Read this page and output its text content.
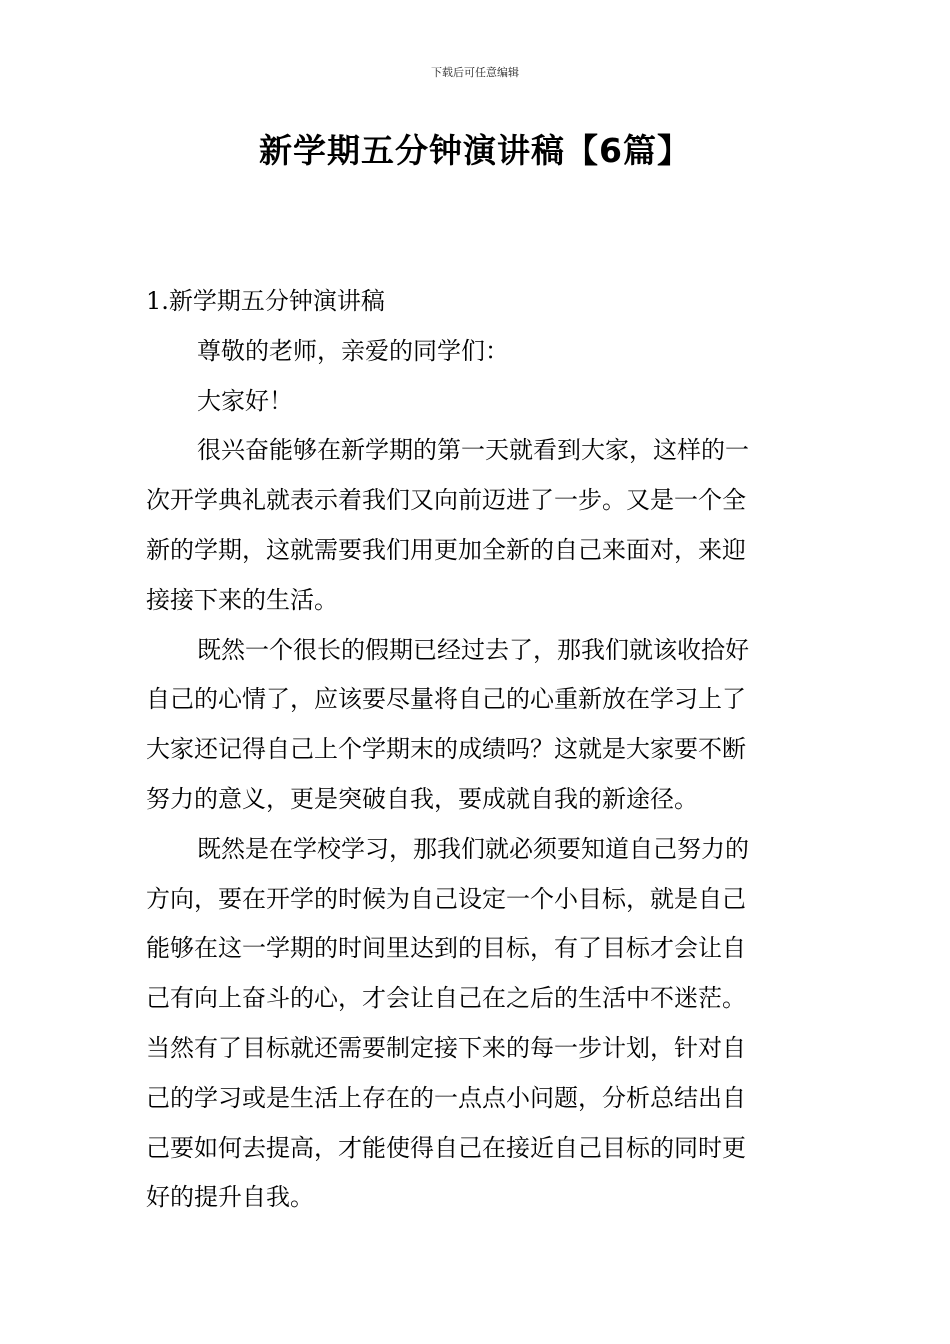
下载后可任意编辑
新学期五分钟演讲稿【6篇】
1.新学期五分钟演讲稿
尊敬的老师，亲爱的同学们：
大家好！
很兴奋能够在新学期的第一天就看到大家，这样的一
次开学典礼就表示着我们又向前迈进了一步。又是一个全
新的学期，这就需要我们用更加全新的自己来面对，来迎
接接下来的生活。
既然一个很长的假期已经过去了，那我们就该收拾好
自己的心情了，应该要尽量将自己的心重新放在学习上了
大家还记得自己上个学期末的成绩吗？这就是大家要不断
努力的意义，更是突破自我，要成就自我的新途径。
既然是在学校学习，那我们就必须要知道自己努力的
方向，要在开学的时候为自己设定一个小目标，就是自己
能够在这一学期的时间里达到的目标，有了目标才会让自
己有向上奋斗的心，才会让自己在之后的生活中不迷茫。
当然有了目标就还需要制定接下来的每一步计划，针对自
己的学习或是生活上存在的一点点小问题，分析总结出自
己要如何去提高，才能使得自己在接近自己目标的同时更
好的提升自我。
